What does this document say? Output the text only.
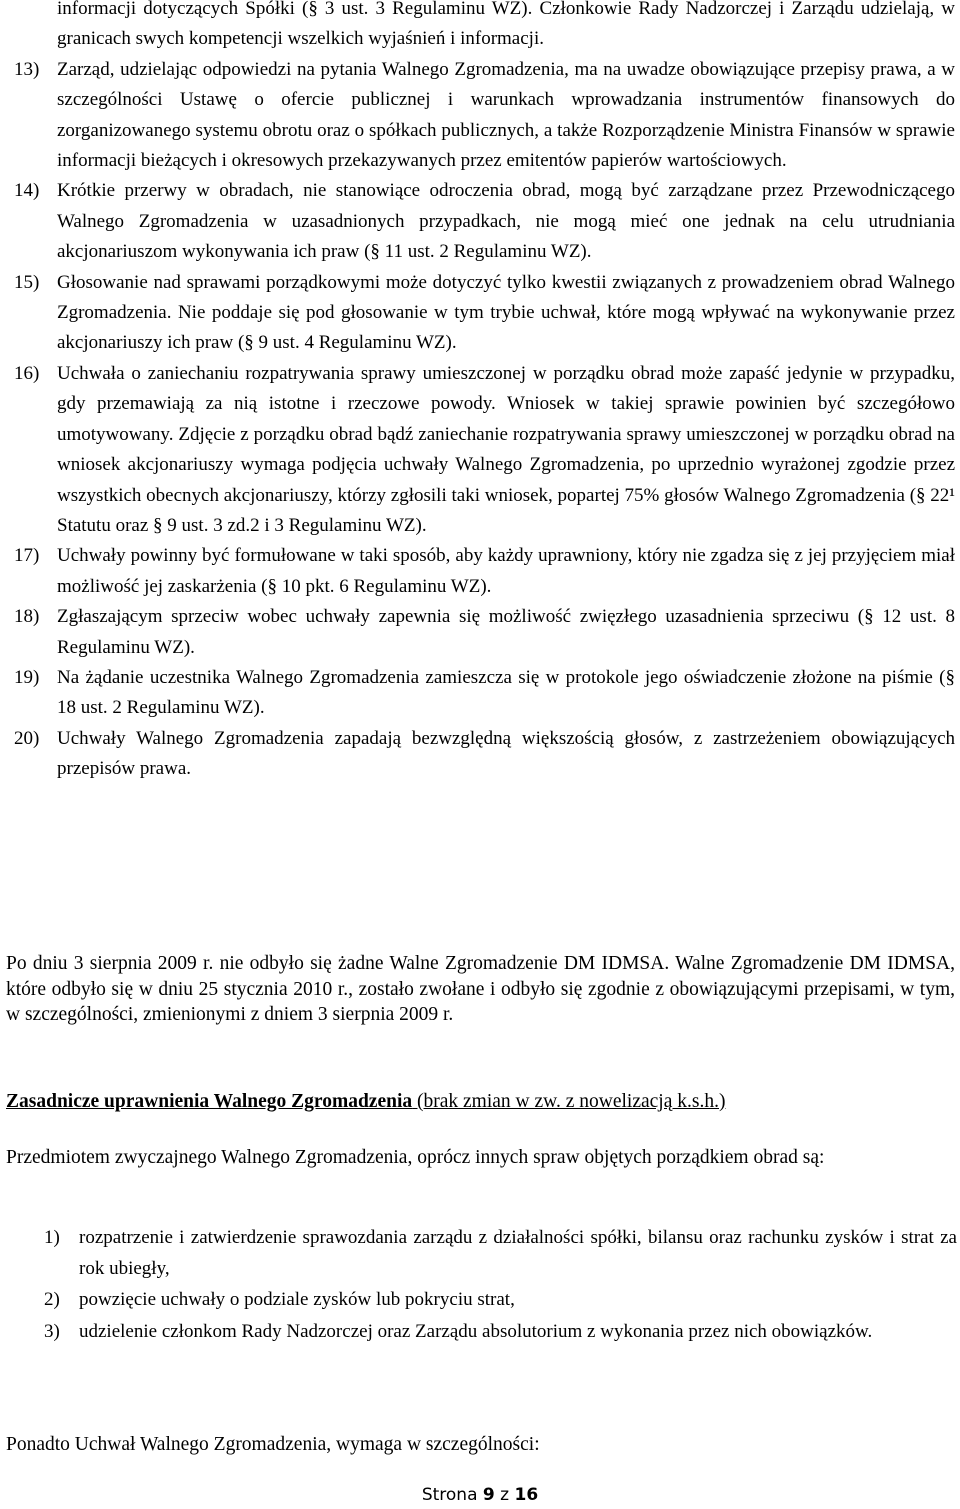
informacji dotyczących Spółki (§ 3 ust. 3 Regulaminu WZ). Członkowie Rady Nadzorczej i Zarządu udzielają, w granicach swych kompetencji wszelkich wyjaśnień i informacji.
13) Zarząd, udzielając odpowiedzi na pytania Walnego Zgromadzenia, ma na uwadze obowiązujące przepisy prawa, a w szczególności Ustawę o ofercie publicznej i warunkach wprowadzania instrumentów finansowych do zorganizowanego systemu obrotu oraz o spółkach publicznych, a także Rozporządzenie Ministra Finansów w sprawie informacji bieżących i okresowych przekazywanych przez emitentów papierów wartościowych.
14) Krótkie przerwy w obradach, nie stanowiące odroczenia obrad, mogą być zarządzane przez Przewodniczącego Walnego Zgromadzenia w uzasadnionych przypadkach, nie mogą mieć one jednak na celu utrudniania akcjonariuszom wykonywania ich praw (§ 11 ust. 2 Regulaminu WZ).
15) Głosowanie nad sprawami porządkowymi może dotyczyć tylko kwestii związanych z prowadzeniem obrad Walnego Zgromadzenia. Nie poddaje się pod głosowanie w tym trybie uchwał, które mogą wpływać na wykonywanie przez akcjonariuszy ich praw (§ 9 ust. 4 Regulaminu WZ).
16) Uchwała o zaniechaniu rozpatrywania sprawy umieszczonej w porządku obrad może zapaść jedynie w przypadku, gdy przemawiają za nią istotne i rzeczowe powody. Wniosek w takiej sprawie powinien być szczegółowo umotywowany. Zdjęcie z porządku obrad bądź zaniechanie rozpatrywania sprawy umieszczonej w porządku obrad na wniosek akcjonariuszy wymaga podjęcia uchwały Walnego Zgromadzenia, po uprzednio wyrażonej zgodzie przez wszystkich obecnych akcjonariuszy, którzy zgłosili taki wniosek, popartej 75% głosów Walnego Zgromadzenia (§ 22¹ Statutu oraz § 9 ust. 3 zd.2 i 3 Regulaminu WZ).
17) Uchwały powinny być formułowane w taki sposób, aby każdy uprawniony, który nie zgadza się z jej przyjęciem miał możliwość jej zaskarżenia (§ 10 pkt. 6 Regulaminu WZ).
18) Zgłaszającym sprzeciw wobec uchwały zapewnia się możliwość zwięzłego uzasadnienia sprzeciwu (§ 12 ust. 8 Regulaminu WZ).
19) Na żądanie uczestnika Walnego Zgromadzenia zamieszcza się w protokole jego oświadczenie złożone na piśmie (§ 18 ust. 2 Regulaminu WZ).
20) Uchwały Walnego Zgromadzenia zapadają bezwzględną większością głosów, z zastrzeżeniem obowiązujących przepisów prawa.

Po dniu 3 sierpnia 2009 r. nie odbyło się żadne Walne Zgromadzenie DM IDMSA. Walne Zgromadzenie DM IDMSA, które odbyło się w dniu 25 stycznia 2010 r., zostało zwołane i odbyło się zgodnie z obowiązującymi przepisami, w tym, w szczególności, zmienionymi z dniem 3 sierpnia 2009 r.

Zasadnicze uprawnienia Walnego Zgromadzenia (brak zmian w zw. z nowelizacją k.s.h.)

Przedmiotem zwyczajnego Walnego Zgromadzenia, oprócz innych spraw objętych porządkiem obrad są:

1) rozpatrzenie i zatwierdzenie sprawozdania zarządu z działalności spółki, bilansu oraz rachunku zysków i strat za rok ubiegły,
2) powzięcie uchwały o podziale zysków lub pokryciu strat,
3) udzielenie członkom Rady Nadzorczej oraz Zarządu absolutorium z wykonania przez nich obowiązków.

Ponadto Uchwał Walnego Zgromadzenia, wymaga w szczególności:

Strona 9 z 16
